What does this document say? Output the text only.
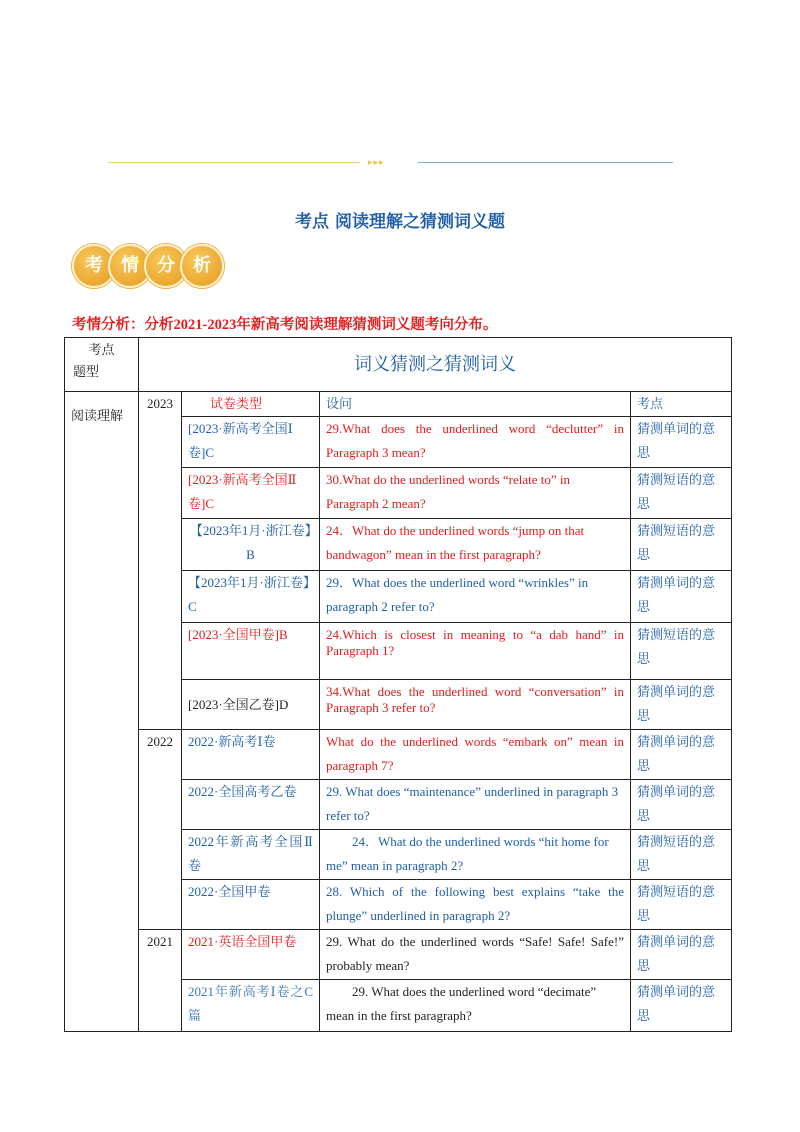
▸▸▸
考点 阅读理解之猜测词义题
考	情	分	析
考情分析：分析2021-2023年新高考阅读理解猜测词义题考向分布。
考点
题型	词义猜测之猜测词义			
阅读理解	2023	试卷类型	设问	考点
		[2023·新高考全国Ⅰ卷]C	29.What does the underlined word “declutter” in Paragraph 3 mean?	猜测单词的意思
		[2023·新高考全国Ⅱ卷]C	30.What do the underlined words “relate to” in Paragraph 2 mean?	猜测短语的意思
		【2023年1月·浙江卷】B	24．What do the underlined words “jump on that bandwagon” mean in the first paragraph?	猜测短语的意思
		【2023年1月·浙江卷】C	29．What does the underlined word “wrinkles” in paragraph 2 refer to?	猜测单词的意思
		[2023·全国甲卷]B	24.Which is closest in meaning to “a dab hand” in Paragraph 1?	猜测短语的意思
		[2023·全国乙卷]D	34.What does the underlined word “conversation” in Paragraph 3 refer to?	猜测单词的意思
	2022	2022·新高考Ⅰ卷	What do the underlined words “embark on” mean in paragraph 7?	猜测单词的意思
		2022·全国高考乙卷	29. What does “maintenance” underlined in paragraph 3 refer to?	猜测单词的意思
		2022年新高考全国Ⅱ卷	24．What do the underlined words “hit home for me” mean in paragraph 2?	猜测短语的意思
		2022·全国甲卷	28. Which of the following best explains “take the plunge” underlined in paragraph 2?	猜测短语的意思
	2021	2021·英语全国甲卷	29. What do the underlined words “Safe! Safe! Safe!” probably mean?	猜测单词的意思
		2021年新高考Ⅰ卷之C篇	29. What does the underlined word “decimate” mean in the first paragraph?	猜测单词的意思
